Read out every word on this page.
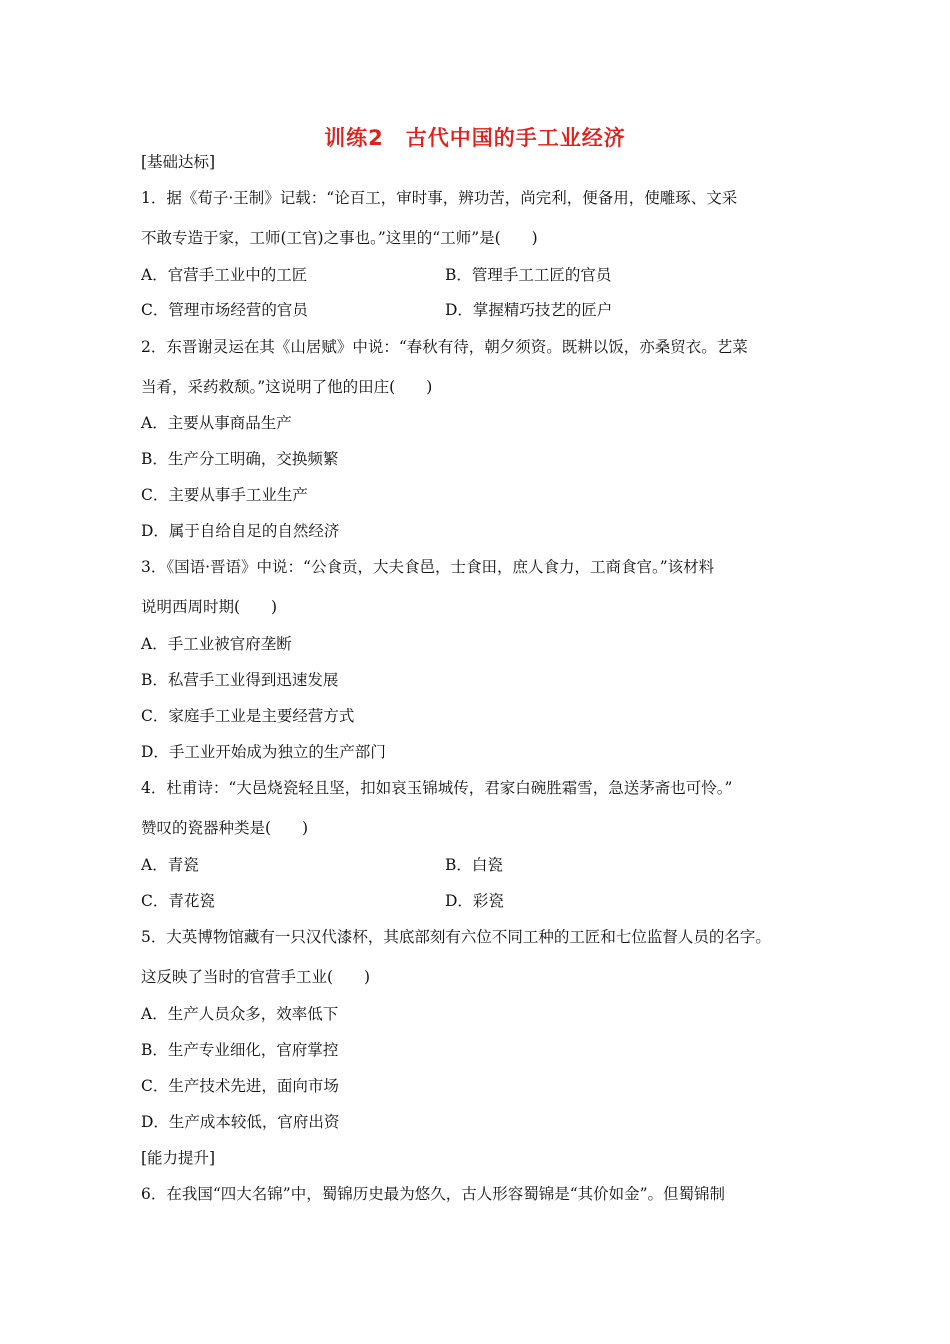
训练2　古代中国的手工业经济
[基础达标]
1．据《荀子·王制》记载：“论百工，审时事，辨功苦，尚完利，便备用，使雕琢、文采
不敢专造于家，工师(工官)之事也。”这里的“工师”是(　　)
A．官营手工业中的工匠	B．管理手工工匠的官员
C．管理市场经营的官员	D．掌握精巧技艺的匠户
2．东晋谢灵运在其《山居赋》中说：“春秋有待，朝夕须资。既耕以饭，亦桑贸衣。艺菜
当肴，采药救颓。”这说明了他的田庄(　　)
A．主要从事商品生产
B．生产分工明确，交换频繁
C．主要从事手工业生产
D．属于自给自足的自然经济
3．《国语·晋语》中说：“公食贡，大夫食邑，士食田，庶人食力，工商食官。”该材料
说明西周时期(　　)
A．手工业被官府垄断
B．私营手工业得到迅速发展
C．家庭手工业是主要经营方式
D．手工业开始成为独立的生产部门
4．杜甫诗：“大邑烧瓷轻且坚，扣如哀玉锦城传，君家白碗胜霜雪，急送茅斋也可怜。”
赞叹的瓷器种类是(　　)
A．青瓷	B．白瓷
C．青花瓷	D．彩瓷
5．大英博物馆藏有一只汉代漆杯，其底部刻有六位不同工种的工匠和七位监督人员的名字。
这反映了当时的官营手工业(　　)
A．生产人员众多，效率低下
B．生产专业细化，官府掌控
C．生产技术先进，面向市场
D．生产成本较低，官府出资
[能力提升]
6．在我国“四大名锦”中，蜀锦历史最为悠久，古人形容蜀锦是“其价如金”。但蜀锦制
